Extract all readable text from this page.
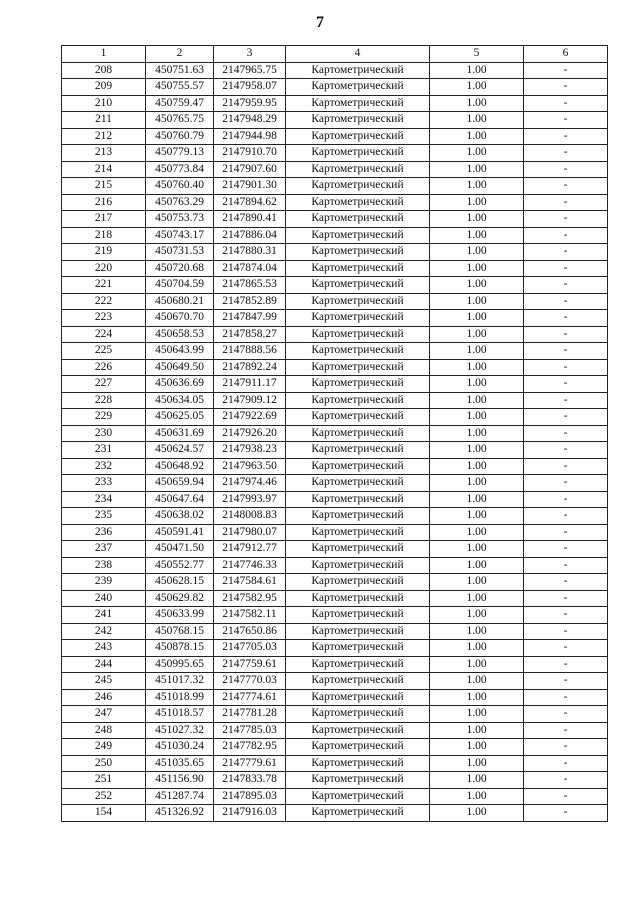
7
1	2	3	4	5	6
208	450751.63	2147965.75	Картометрический	1.00	-
209	450755.57	2147958.07	Картометрический	1.00	-
210	450759.47	2147959.95	Картометрический	1.00	-
211	450765.75	2147948.29	Картометрический	1.00	-
212	450760.79	2147944.98	Картометрический	1.00	-
213	450779.13	2147910.70	Картометрический	1.00	-
214	450773.84	2147907.60	Картометрический	1.00	-
215	450760.40	2147901.30	Картометрический	1.00	-
216	450763.29	2147894.62	Картометрический	1.00	-
217	450753.73	2147890.41	Картометрический	1.00	-
218	450743.17	2147886.04	Картометрический	1.00	-
219	450731.53	2147880.31	Картометрический	1.00	-
220	450720.68	2147874.04	Картометрический	1.00	-
221	450704.59	2147865.53	Картометрический	1.00	-
222	450680.21	2147852.89	Картометрический	1.00	-
223	450670.70	2147847.99	Картометрический	1.00	-
224	450658.53	2147858.27	Картометрический	1.00	-
225	450643.99	2147888.56	Картометрический	1.00	-
226	450649.50	2147892.24	Картометрический	1.00	-
227	450636.69	2147911.17	Картометрический	1.00	-
228	450634.05	2147909.12	Картометрический	1.00	-
229	450625.05	2147922.69	Картометрический	1.00	-
230	450631.69	2147926.20	Картометрический	1.00	-
231	450624.57	2147938.23	Картометрический	1.00	-
232	450648.92	2147963.50	Картометрический	1.00	-
233	450659.94	2147974.46	Картометрический	1.00	-
234	450647.64	2147993.97	Картометрический	1.00	-
235	450638.02	2148008.83	Картометрический	1.00	-
236	450591.41	2147980.07	Картометрический	1.00	-
237	450471.50	2147912.77	Картометрический	1.00	-
238	450552.77	2147746.33	Картометрический	1.00	-
239	450628.15	2147584.61	Картометрический	1.00	-
240	450629.82	2147582.95	Картометрический	1.00	-
241	450633.99	2147582.11	Картометрический	1.00	-
242	450768.15	2147650.86	Картометрический	1.00	-
243	450878.15	2147705.03	Картометрический	1.00	-
244	450995.65	2147759.61	Картометрический	1.00	-
245	451017.32	2147770.03	Картометрический	1.00	-
246	451018.99	2147774.61	Картометрический	1.00	-
247	451018.57	2147781.28	Картометрический	1.00	-
248	451027.32	2147785.03	Картометрический	1.00	-
249	451030.24	2147782.95	Картометрический	1.00	-
250	451035.65	2147779.61	Картометрический	1.00	-
251	451156.90	2147833.78	Картометрический	1.00	-
252	451287.74	2147895.03	Картометрический	1.00	-
154	451326.92	2147916.03	Картометрический	1.00	-
